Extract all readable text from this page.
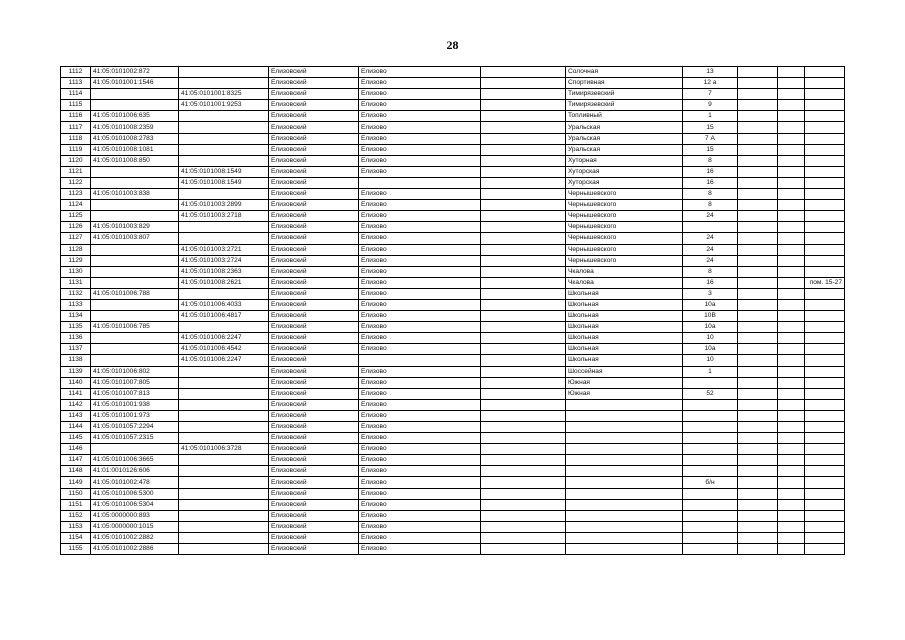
28
1112	41:05:0101002:872		Елизовский	Елизово		Солочная	13			
1113	41:05:0101001:1546		Елизовский	Елизово		Спортивная	12 а			
1114		41:05:0101001:8325	Елизовский	Елизово		Тимирязевский	7			
1115		41:05:0101001:9253	Елизовский	Елизово		Тимирязевский	9			
1116	41:05:0101006:635		Елизовский	Елизово		Топливный	1			
1117	41:05:0101008:2359		Елизовский	Елизово		Уральская	15			
1118	41:05:0101008:2783		Елизовский	Елизово		Уральская	7 А			
1119	41:05:0101008:1081		Елизовский	Елизово		Уральская	15			
1120	41:05:0101008:850		Елизовский	Елизово		Хуторная	8			
1121		41:05:0101008:1549	Елизовский	Елизово		Хуторская	16			
1122		41:05:0101008:1549	Елизовский			Хуторская	16			
1123	41:05:0101003:838		Елизовский	Елизово		Чернышевского	8			
1124		41:05:0101003:2899	Елизовский	Елизово		Чернышевского	8			
1125		41:05:0101003:2718	Елизовский	Елизово		Чернышевского	24			
1126	41:05:0101003:829		Елизовский	Елизово		Чернышевского				
1127	41:05:0101003:807		Елизовский	Елизово		Чернышевского	24			
1128		41:05:0101003:2721	Елизовский	Елизово		Чернышевского	24			
1129		41:05:0101003:2724	Елизовский	Елизово		Чернышевского	24			
1130		41:05:0101008:2363	Елизовский	Елизово		Чкалова	8			
1131		41:05:0101008:2621	Елизовский	Елизово		Чкалова	16			пом. 15-27
1132	41:05:0101006:788		Елизовский	Елизово		Школьная	3			
1133		41:05:0101006:4033	Елизовский	Елизово		Школьная	10а			
1134		41:05:0101006:4817	Елизовский	Елизово		Школьная	10В			
1135	41:05:0101006:785		Елизовский	Елизово		Школьная	10а			
1136		41:05:0101006:2247	Елизовский	Елизово		Школьная	10			
1137		41:05:0101006:4542	Елизовский	Елизово		Школьная	10а			
1138		41:05:0101006:2247	Елизовский			Школьная	10			
1139	41:05:0101006:802		Елизовский	Елизово		Шоссейная	1			
1140	41:05:0101007:805		Елизовский	Елизово		Южная				
1141	41:05:0101007:813		Елизовский	Елизово		Южная	52			
1142	41:05:0101001:938		Елизовский	Елизово						
1143	41:05:0101001:973		Елизовский	Елизово						
1144	41:05:0101057:2294		Елизовский	Елизово						
1145	41:05:0101057:2315		Елизовский	Елизово						
1146		41:05:0101006:3728	Елизовский	Елизово						
1147	41:05:0101006:3665		Елизовский	Елизово						
1148	41:01:0010126:606		Елизовский	Елизово						
1149	41:05:0101002:478		Елизовский	Елизово			б/н			
1150	41:05:0101006:5300		Елизовский	Елизово						
1151	41:05:0101006:5304		Елизовский	Елизово						
1152	41:05:0000000:893		Елизовский	Елизово						
1153	41:05:0000000:1015		Елизовский	Елизово						
1154	41:05:0101002:2882		Елизовский	Елизово						
1155	41:05:0101002:2886		Елизовский	Елизово						
